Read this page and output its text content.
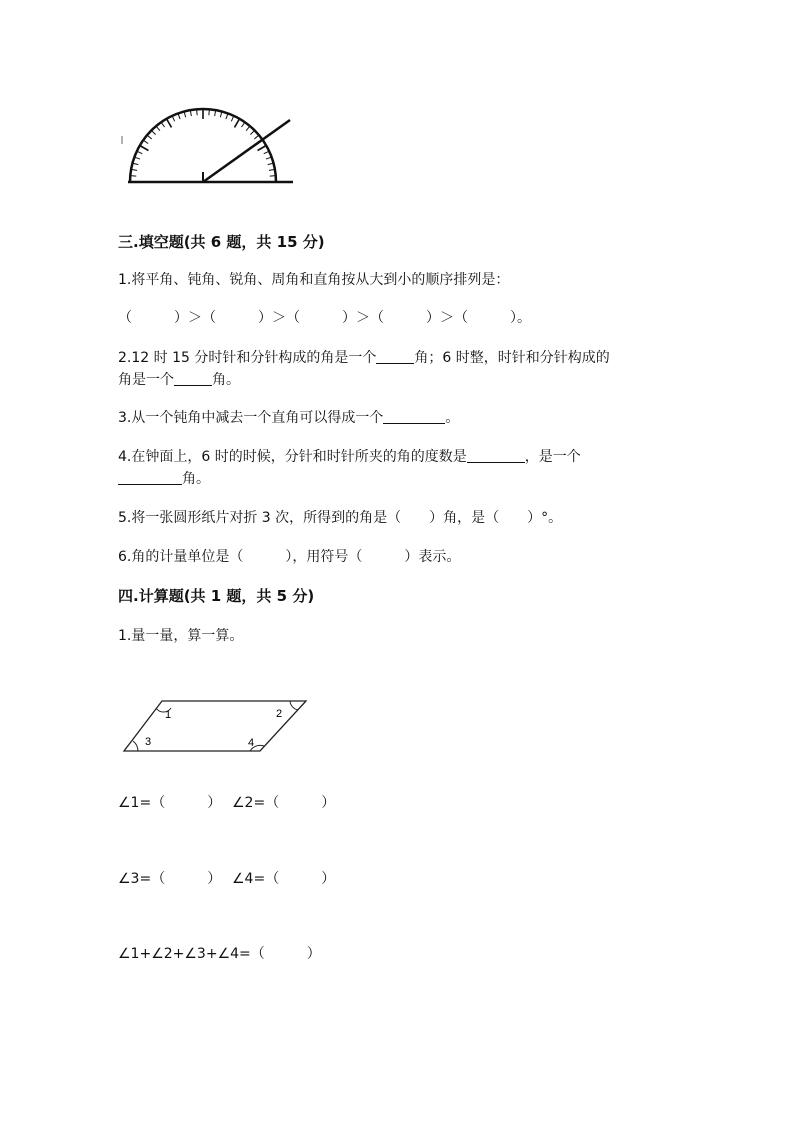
三.填空题(共 6 题，共 15 分)
1.将平角、钝角、锐角、周角和直角按从大到小的顺序排列是：
（　　　）＞（　　　）＞（　　　）＞（　　　）＞（　　　）。
2.12 时 15 分时针和分针构成的角是一个	角；6 时整，时针和分针构成的
角是一个	角。
3.从一个钝角中减去一个直角可以得成一个	。
4.在钟面上，6 时的时候，分针和时针所夹的角的度数是	，是一个
角。
5.将一张圆形纸片对折 3 次，所得到的角是（　　）角，是（　　）°。
6.角的计量单位是（　　　），用符号（　　　）表示。
四.计算题(共 1 题，共 5 分)
1.量一量，算一算。
1	2
3	4
∠1=（　　　） ∠2=（　　　）
∠3=（　　　） ∠4=（　　　）
∠1+∠2+∠3+∠4=（　　　）
